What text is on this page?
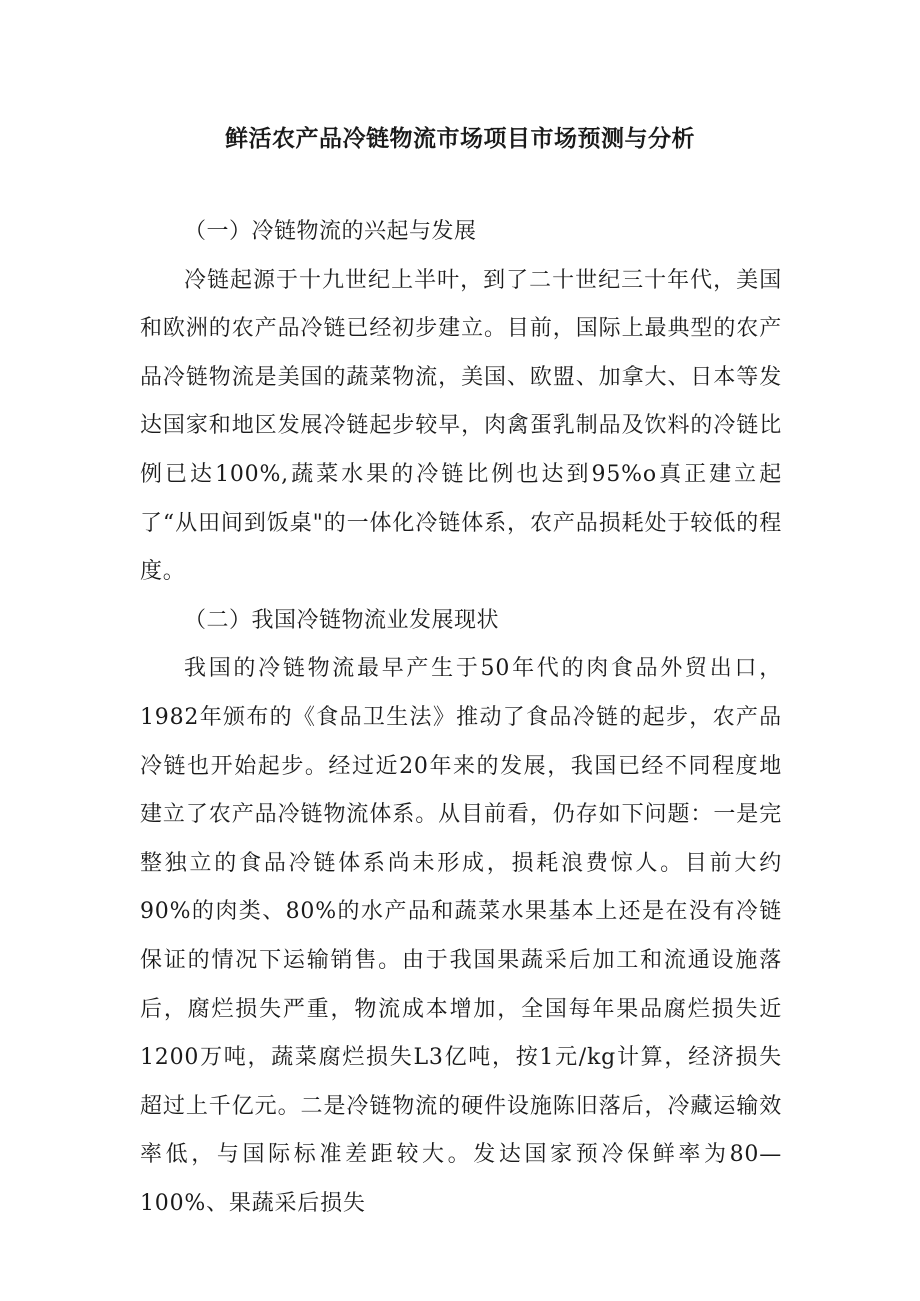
鲜活农产品冷链物流市场项目市场预测与分析
（一）冷链物流的兴起与发展

冷链起源于十九世纪上半叶，到了二十世纪三十年代，美国和欧洲的农产品冷链已经初步建立。目前，国际上最典型的农产品冷链物流是美国的蔬菜物流，美国、欧盟、加拿大、日本等发达国家和地区发展冷链起步较早，肉禽蛋乳制品及饮料的冷链比例已达100%,蔬菜水果的冷链比例也达到95%o真正建立起了“从田间到饭桌"的一体化冷链体系，农产品损耗处于较低的程度。

（二）我国冷链物流业发展现状

我国的冷链物流最早产生于50年代的肉食品外贸出口，1982年颁布的《食品卫生法》推动了食品冷链的起步，农产品冷链也开始起步。经过近20年来的发展，我国已经不同程度地建立了农产品冷链物流体系。从目前看，仍存如下问题：一是完整独立的食品冷链体系尚未形成，损耗浪费惊人。目前大约90%的肉类、80%的水产品和蔬菜水果基本上还是在没有冷链保证的情况下运输销售。由于我国果蔬采后加工和流通设施落后，腐烂损失严重，物流成本增加，全国每年果品腐烂损失近1200万吨，蔬菜腐烂损失L3亿吨，按1元/kg计算，经济损失超过上千亿元。二是冷链物流的硬件设施陈旧落后，冷藏运输效率低，与国际标准差距较大。发达国家预冷保鲜率为80—100%、果蔬采后损失
